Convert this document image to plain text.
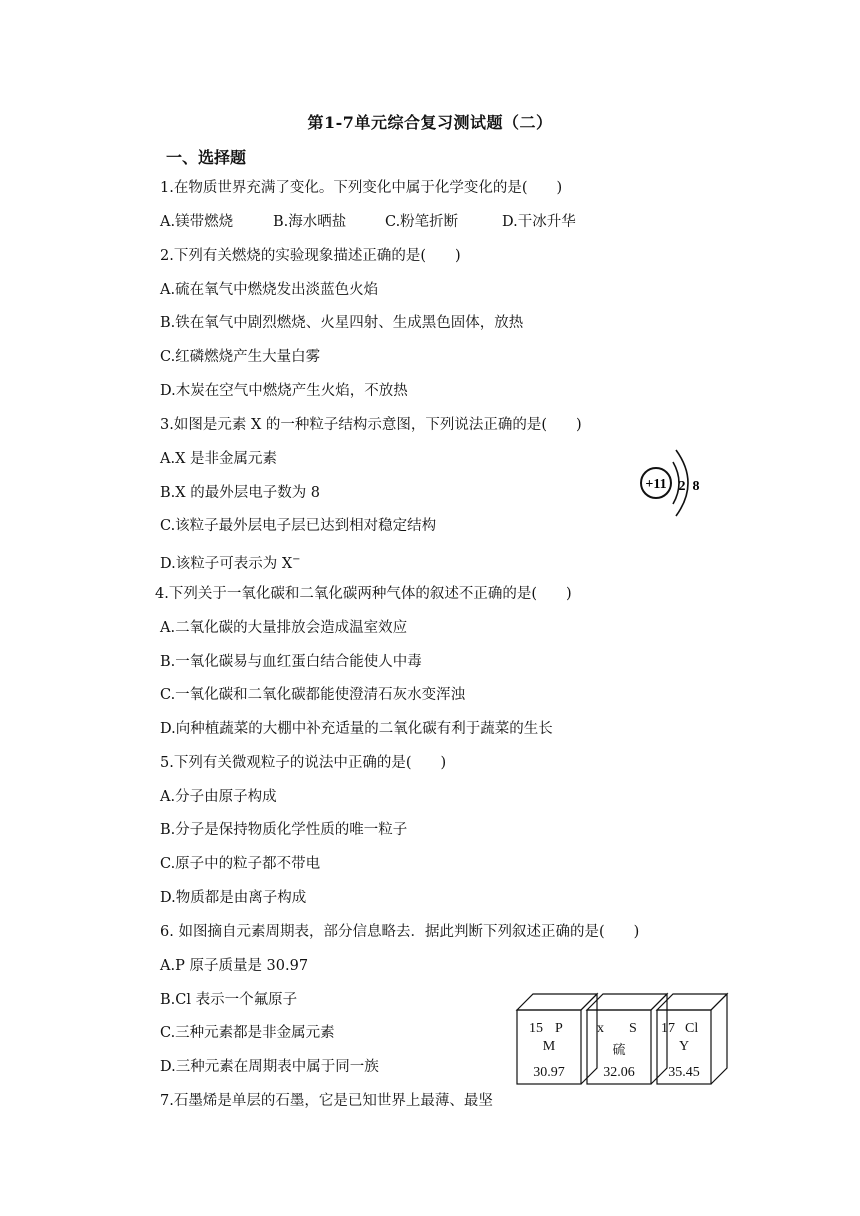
第1-7单元综合复习测试题（二）
一、选择题
1.在物质世界充满了变化。下列变化中属于化学变化的是(　　)
A.镁带燃烧	B.海水晒盐	C.粉笔折断	D.干冰升华
2.下列有关燃烧的实验现象描述正确的是(　　)
A.硫在氧气中燃烧发出淡蓝色火焰
B.铁在氧气中剧烈燃烧、火星四射、生成黑色固体，放热
C.红磷燃烧产生大量白雾
D.木炭在空气中燃烧产生火焰，不放热
3.如图是元素 X 的一种粒子结构示意图，下列说法正确的是(　　)
A.X 是非金属元素
B.X 的最外层电子数为 8
C.该粒子最外层电子层已达到相对稳定结构
D.该粒子可表示为 X−
+11 2 8
4.下列关于一氧化碳和二氧化碳两种气体的叙述不正确的是(　　)
A.二氧化碳的大量排放会造成温室效应
B.一氧化碳易与血红蛋白结合能使人中毒
C.一氧化碳和二氧化碳都能使澄清石灰水变浑浊
D.向种植蔬菜的大棚中补充适量的二氧化碳有利于蔬菜的生长
5.下列有关微观粒子的说法中正确的是(　　)
A.分子由原子构成
B.分子是保持物质化学性质的唯一粒子
C.原子中的粒子都不带电
D.物质都是由离子构成
6. 如图摘自元素周期表，部分信息略去．据此判断下列叙述正确的是(　　)
A.P 原子质量是 30.97
B.Cl 表示一个氟原子
C.三种元素都是非金属元素
D.三种元素在周期表中属于同一族
15 P
M
30.97
x S
硫
32.06
17 Cl
Y
35.45
7.石墨烯是单层的石墨，它是已知世界上最薄、最坚
